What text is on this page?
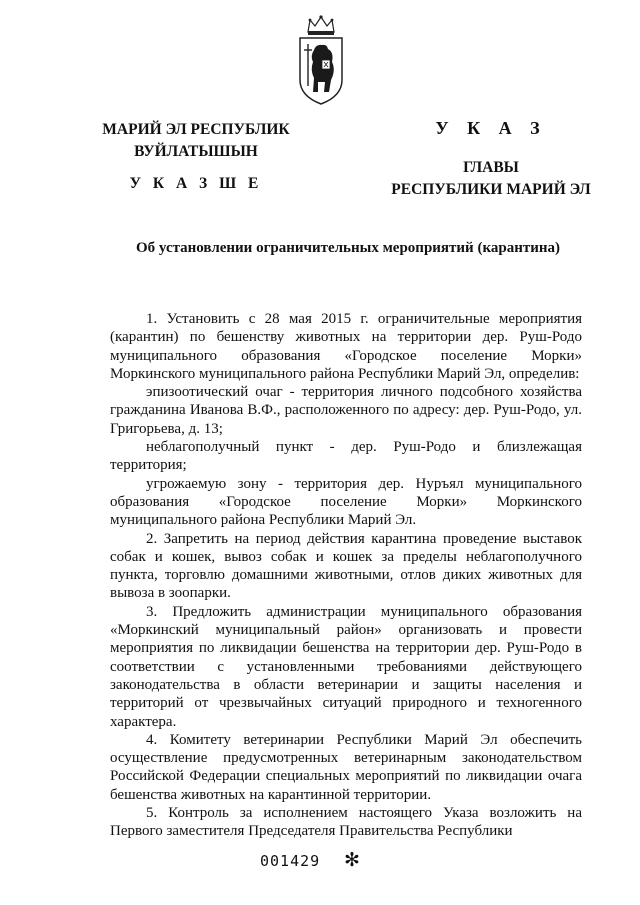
МАРИЙ ЭЛ РЕСПУБЛИК
ВУЙЛАТЫШЫН
У К А З Ш Е
У К А З
ГЛАВЫ
РЕСПУБЛИКИ МАРИЙ ЭЛ
Об установлении ограничительных мероприятий (карантина)

1. Установить с 28 мая 2015 г. ограничительные мероприятия (карантин) по бешенству животных на территории дер. Руш-Родо муниципального образования «Городское поселение Морки» Моркинского муниципального района Республики Марий Эл, определив:

эпизоотический очаг - территория личного подсобного хозяйства гражданина Иванова В.Ф., расположенного по адресу: дер. Руш-Родо, ул. Григорьева, д. 13;

неблагополучный пункт - дер. Руш-Родо и близлежащая территория;

угрожаемую зону - территория дер. Нуръял муниципального образования «Городское поселение Морки» Моркинского муниципального района Республики Марий Эл.

2. Запретить на период действия карантина проведение выставок собак и кошек, вывоз собак и кошек за пределы неблагополучного пункта, торговлю домашними животными, отлов диких животных для вывоза в зоопарки.

3. Предложить администрации муниципального образования «Моркинский муниципальный район» организовать и провести мероприятия по ликвидации бешенства на территории дер. Руш-Родо в соответствии с установленными требованиями действующего законодательства в области ветеринарии и защиты населения и территорий от чрезвычайных ситуаций природного и техногенного характера.

4. Комитету ветеринарии Республики Марий Эл обеспечить осуществление предусмотренных ветеринарным законодательством Российской Федерации специальных мероприятий по ликвидации очага бешенства животных на карантинной территории.

5. Контроль за исполнением настоящего Указа возложить на Первого заместителя Председателя Правительства Республики

001429 ✻
